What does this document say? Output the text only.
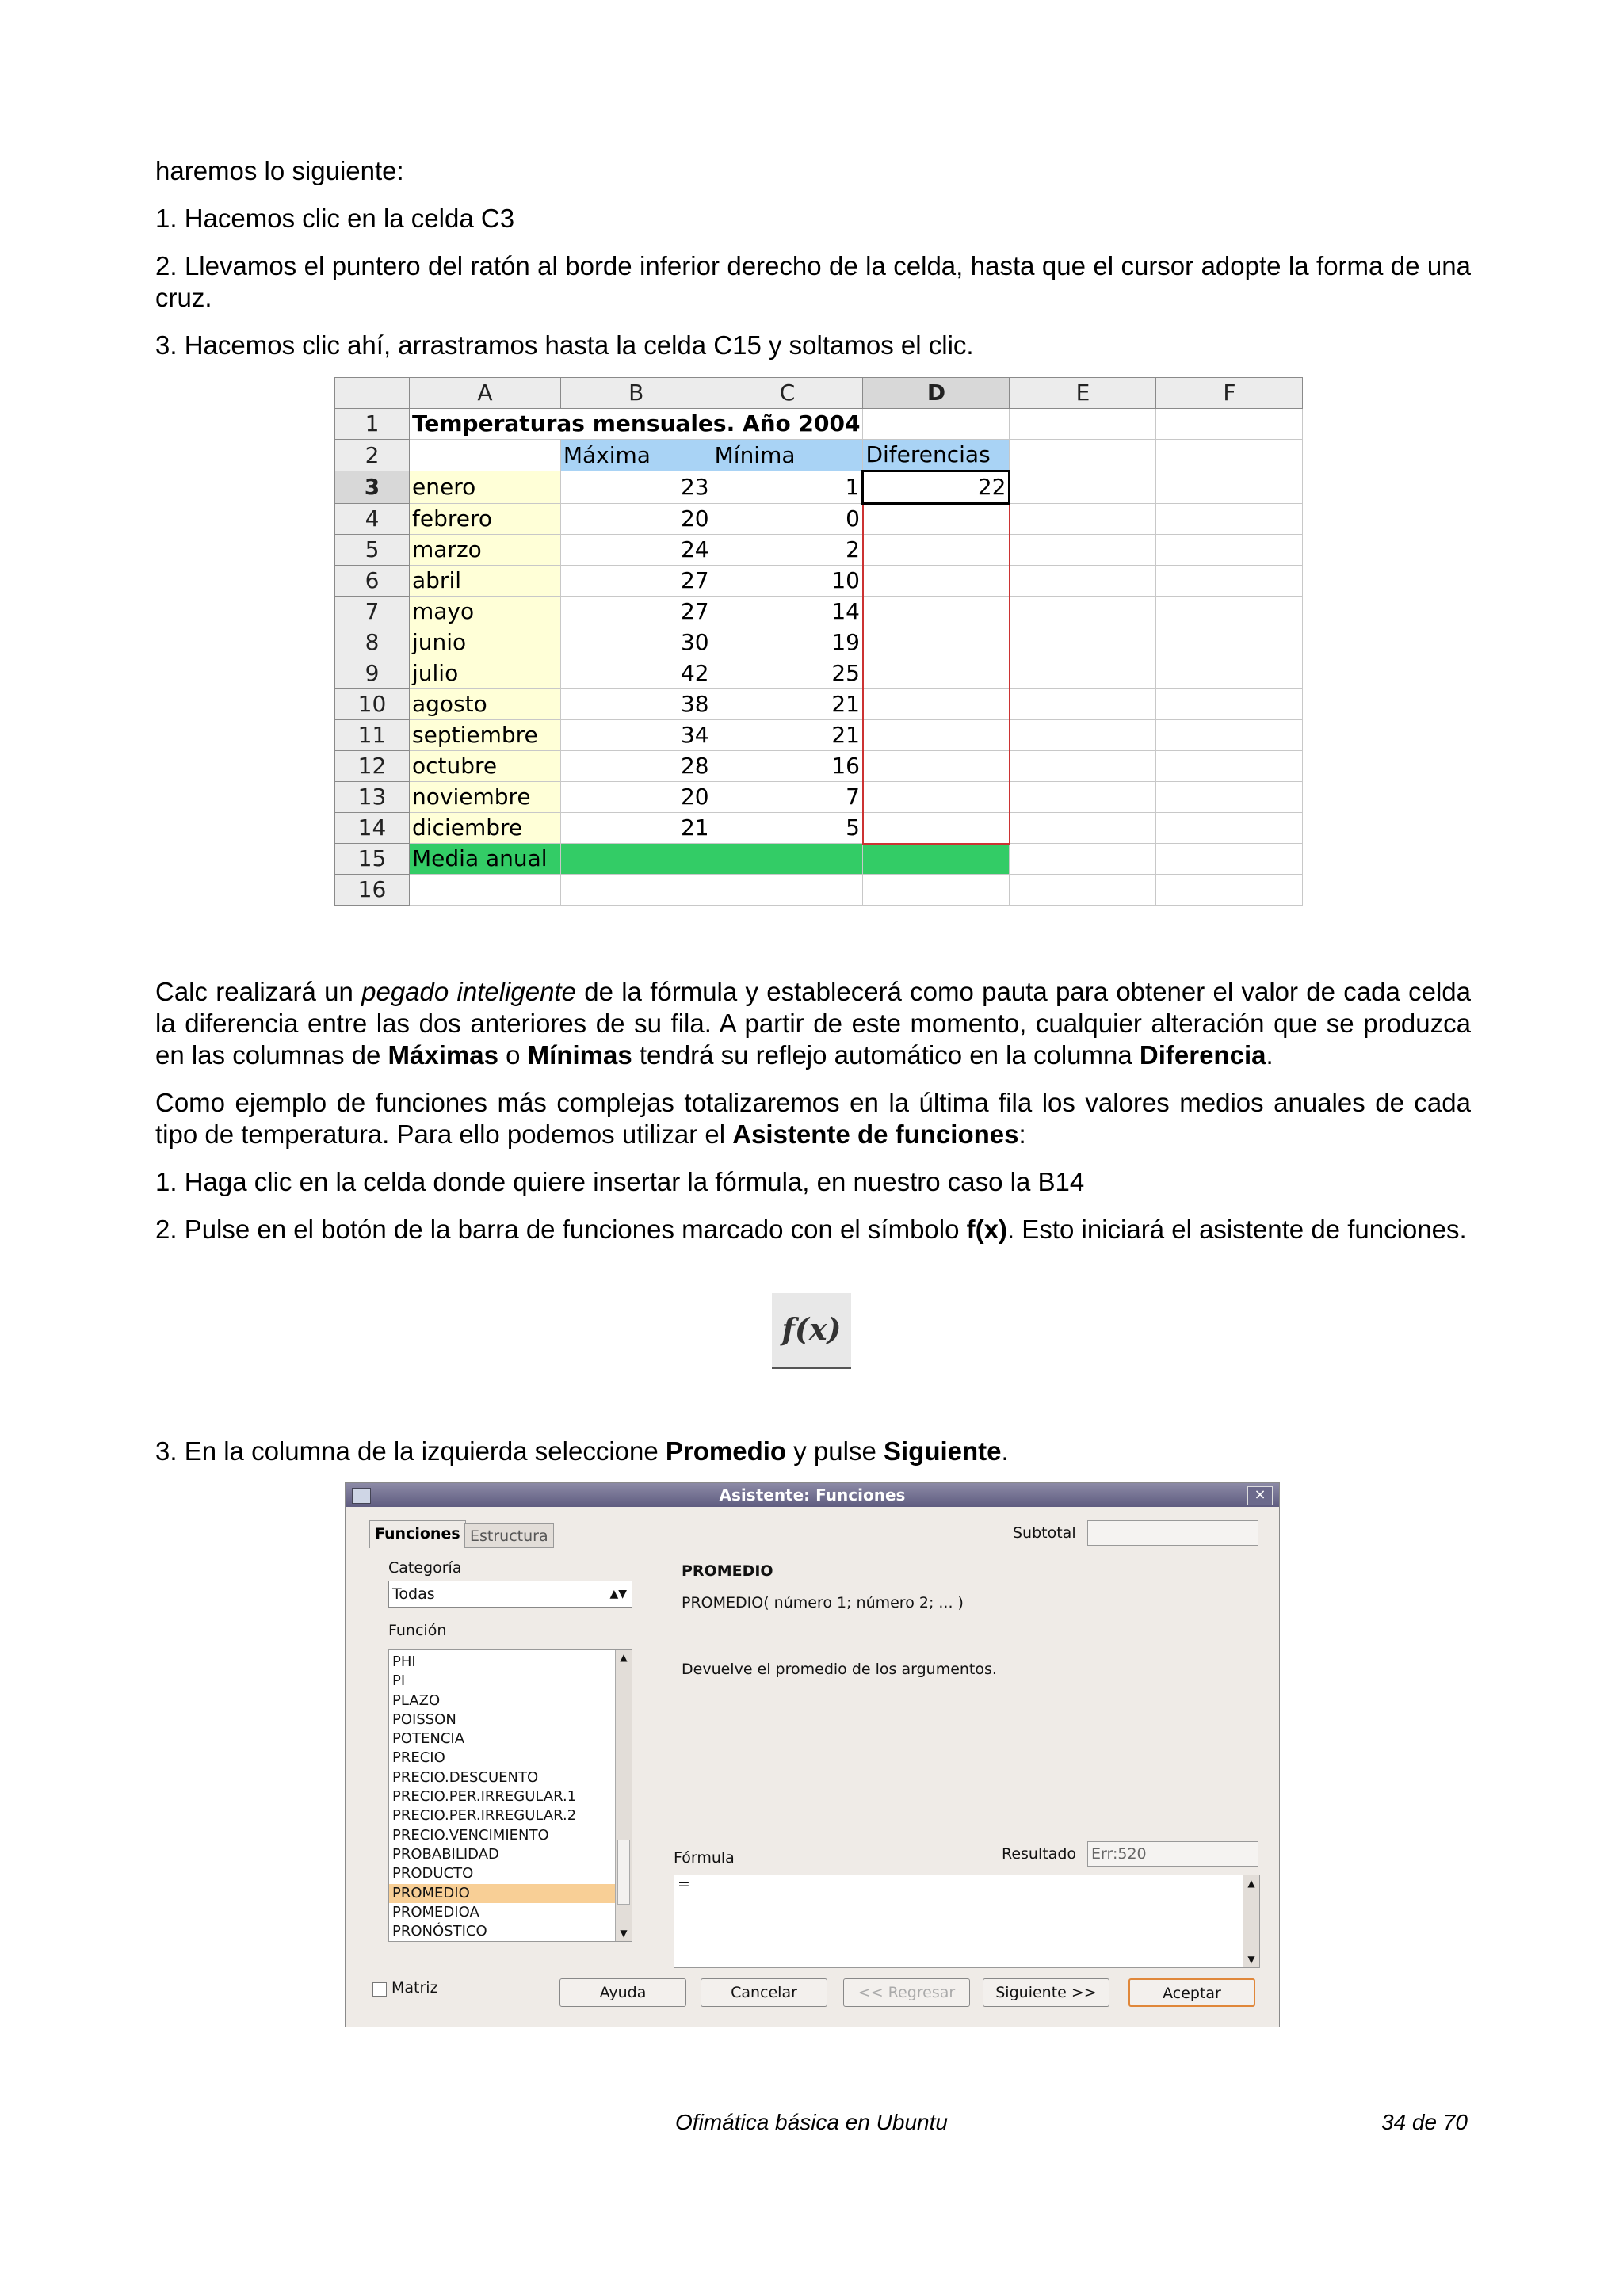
haremos lo siguiente:

1. Hacemos clic en la celda C3

2. Llevamos el puntero del ratón al borde inferior derecho de la celda, hasta que el cursor adopte la forma de una cruz.

3. Hacemos clic ahí, arrastramos hasta la celda C15 y soltamos el clic.

	A	B	C	D	E	F
1	Temperaturas mensuales. Año 2004					
2		Máxima	Mínima	Diferencias		
3	enero	23	1	22		
4	febrero	20	0			
5	marzo	24	2			
6	abril	27	10			
7	mayo	27	14			
8	junio	30	19			
9	julio	42	25			
10	agosto	38	21			
11	septiembre	34	21			
12	octubre	28	16			
13	noviembre	20	7			
14	diciembre	21	5			
15	Media anual					
16						

Calc realizará un pegado inteligente de la fórmula y establecerá como pauta para obtener el valor de cada celda la diferencia entre las dos anteriores de su fila. A partir de este momento, cualquier alteración que se produzca en las columnas de Máximas o Mínimas tendrá su reflejo automático en la columna Diferencia.

Como ejemplo de funciones más complejas totalizaremos en la última fila los valores medios anuales de cada tipo de temperatura. Para ello podemos utilizar el Asistente de funciones:

1. Haga clic en la celda donde quiere insertar la fórmula, en nuestro caso la B14

2. Pulse en el botón de la barra de funciones marcado con el símbolo f(x). Esto iniciará el asistente de funciones.

f(x)

3. En la columna de la izquierda seleccione Promedio y pulse Siguiente.

Asistente: Funciones	×
Funciones Estructura	Subtotal
Categoría
Todas	▲▼
Función
PHI
PI
PLAZO
POISSON
POTENCIA
PRECIO
PRECIO.DESCUENTO
PRECIO.PER.IRREGULAR.1
PRECIO.PER.IRREGULAR.2
PRECIO.VENCIMIENTO
PROBABILIDAD
PRODUCTO
PROMEDIO
PROMEDIOA
PRONÓSTICO
▲
▼
PROMEDIO
PROMEDIO( número 1; número 2; ... )
Devuelve el promedio de los argumentos.
Fórmula	Resultado Err:520
=	▲
▼
Matriz	Ayuda	Cancelar	<< Regresar	Siguiente >>	Aceptar
Ofimática básica en Ubuntu	34 de 70
